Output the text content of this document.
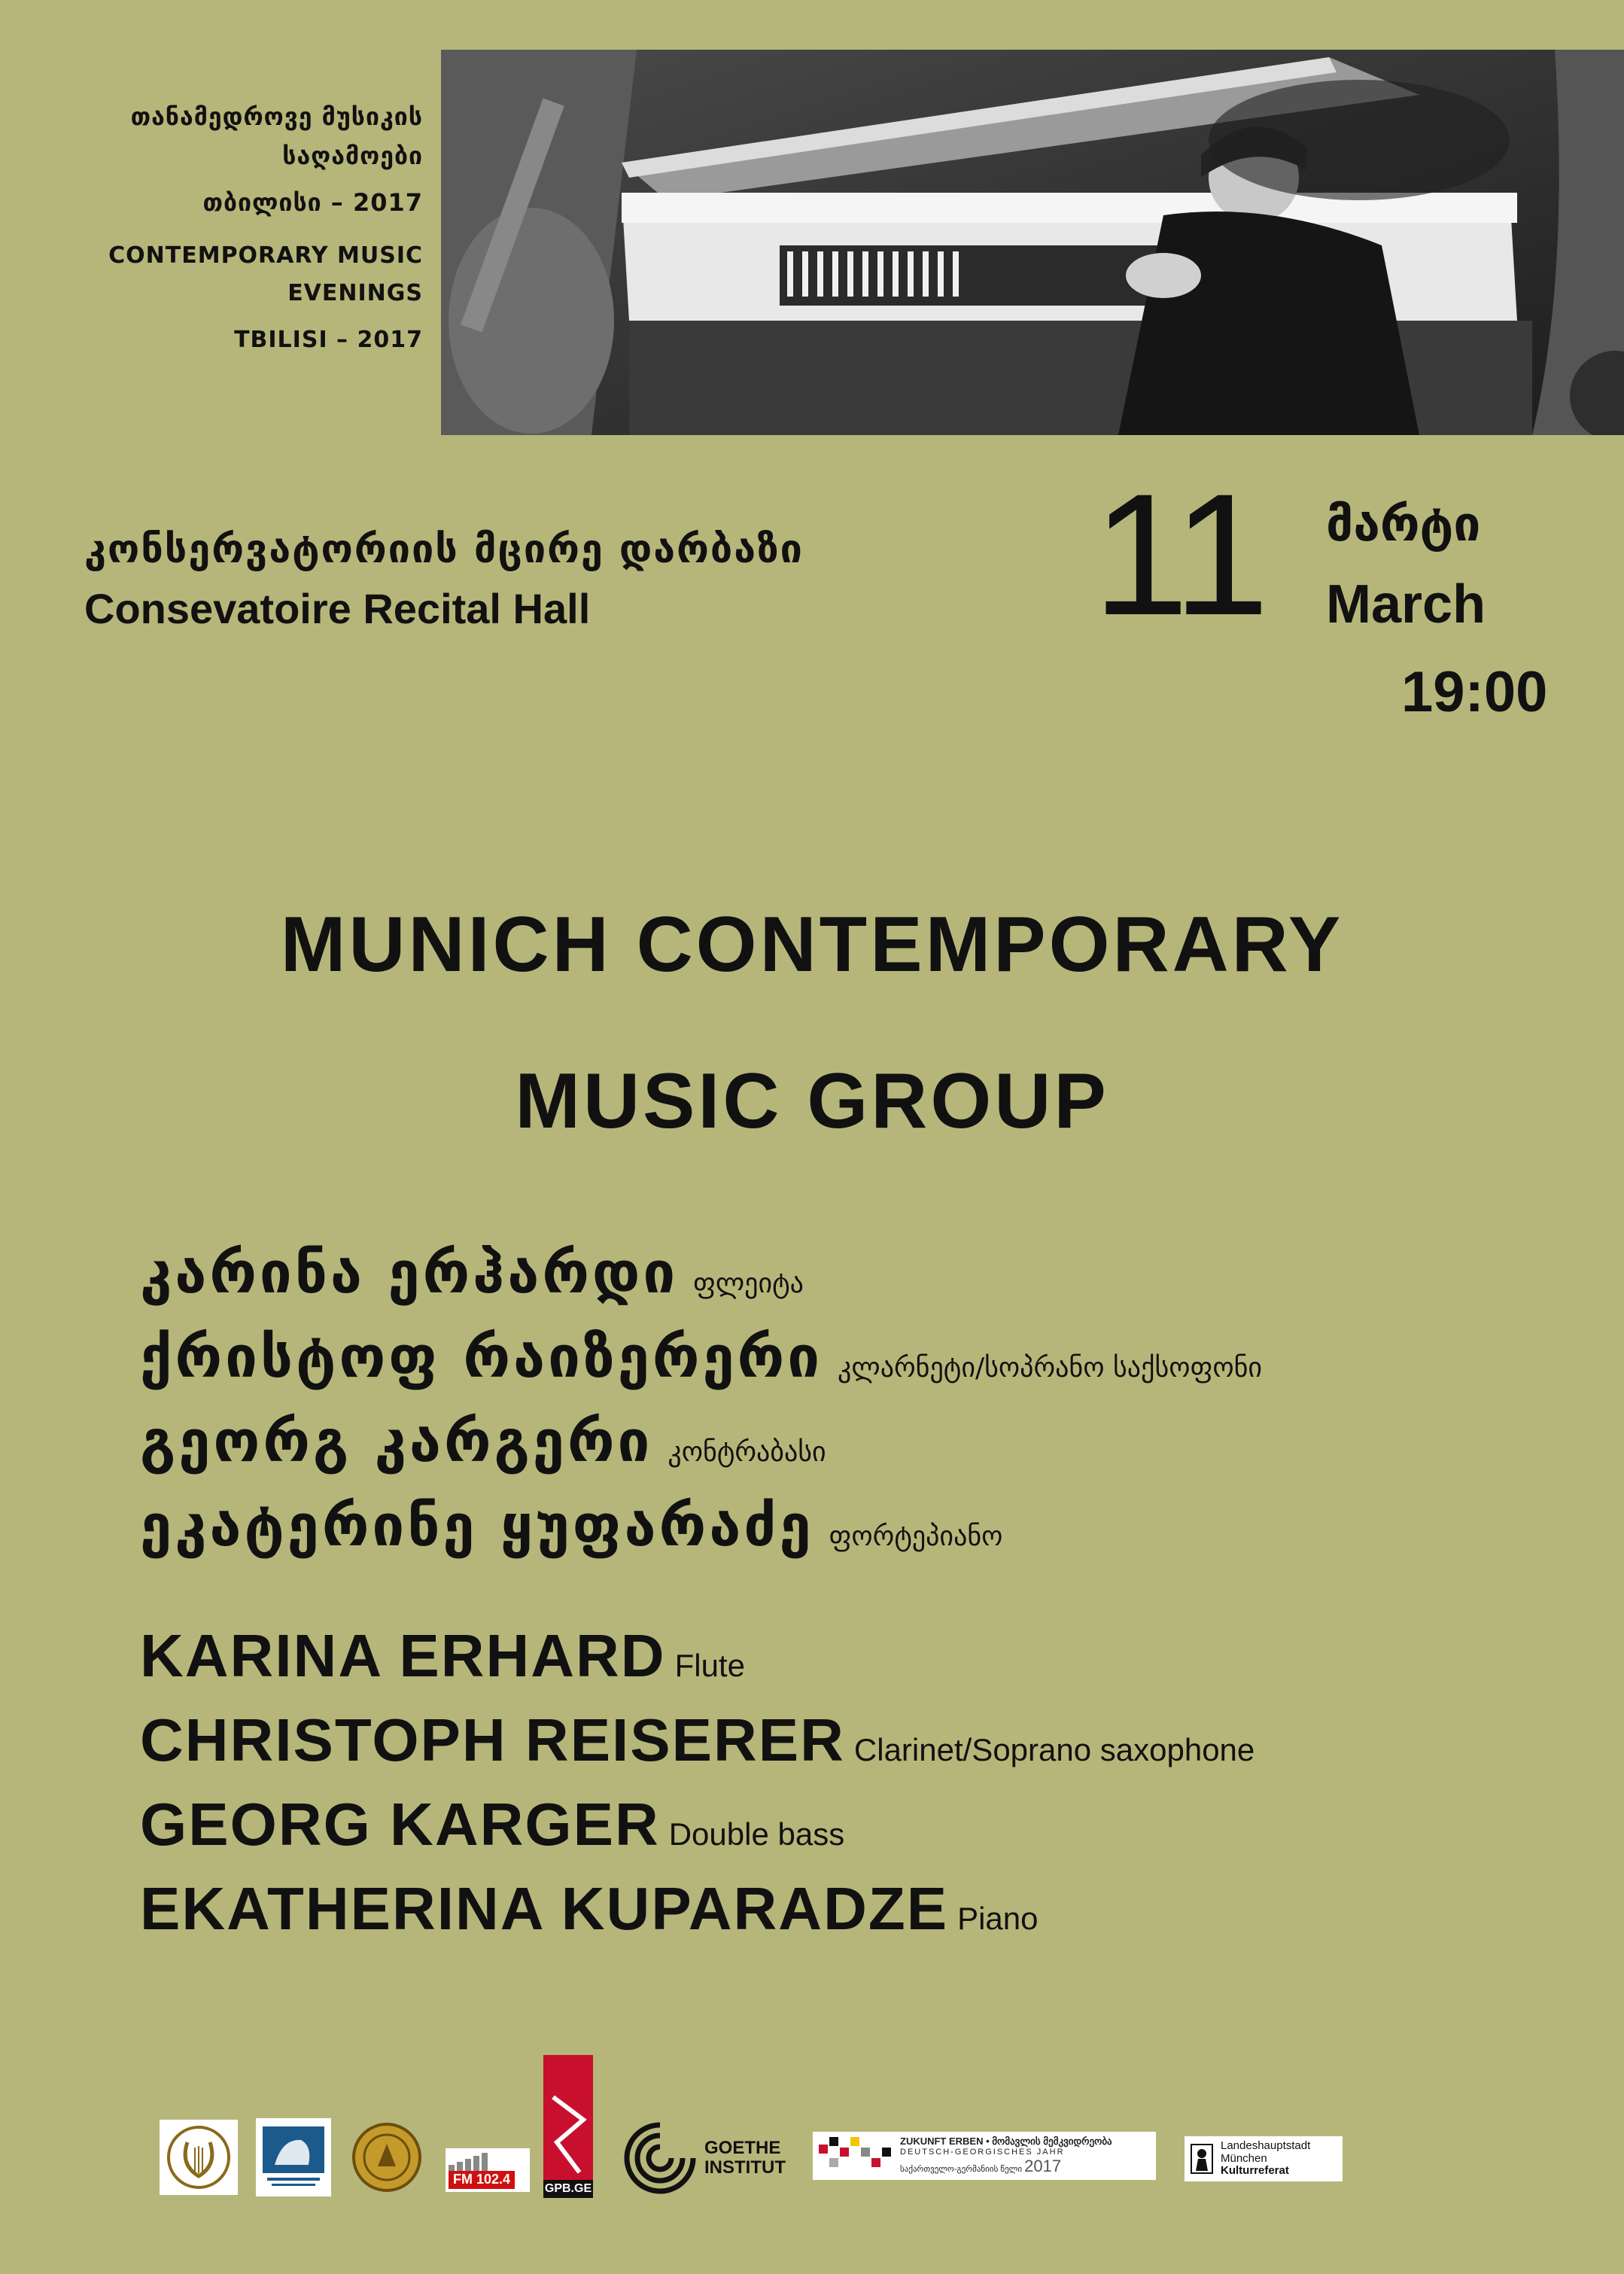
თანამედროვე მუსიკის
საღამოები
თბილისი – 2017
CONTEMPORARY MUSIC
EVENINGS
TBILISI – 2017
კონსერვატორიის მცირე დარბაზი
Consevatoire Recital Hall	11 მარტი
March
19:00
MUNICH CONTEMPORARY
MUSIC GROUP
კარინა ერჰარდი ფლეიტა
ქრისტოფ რაიზერერი კლარნეტი/სოპრანო საქსოფონი
გეორგ კარგერი კონტრაბასი
ეკატერინე ყუფარაძე ფორტეპიანო
KARINA ERHARD Flute
CHRISTOPH REISERER Clarinet/Soprano saxophone
GEORG KARGER Double bass
EKATHERINA KUPARADZE Piano
FM 102.4
GPB.GE
GOETHE
INSTITUT
ZUKUNFT ERBEN • მომავლის მემკვიდრეობა
DEUTSCH-GEORGISCHES JAHR
საქართველო-გერმანიის წელი 2017
Landeshauptstadt
München
Kulturreferat
